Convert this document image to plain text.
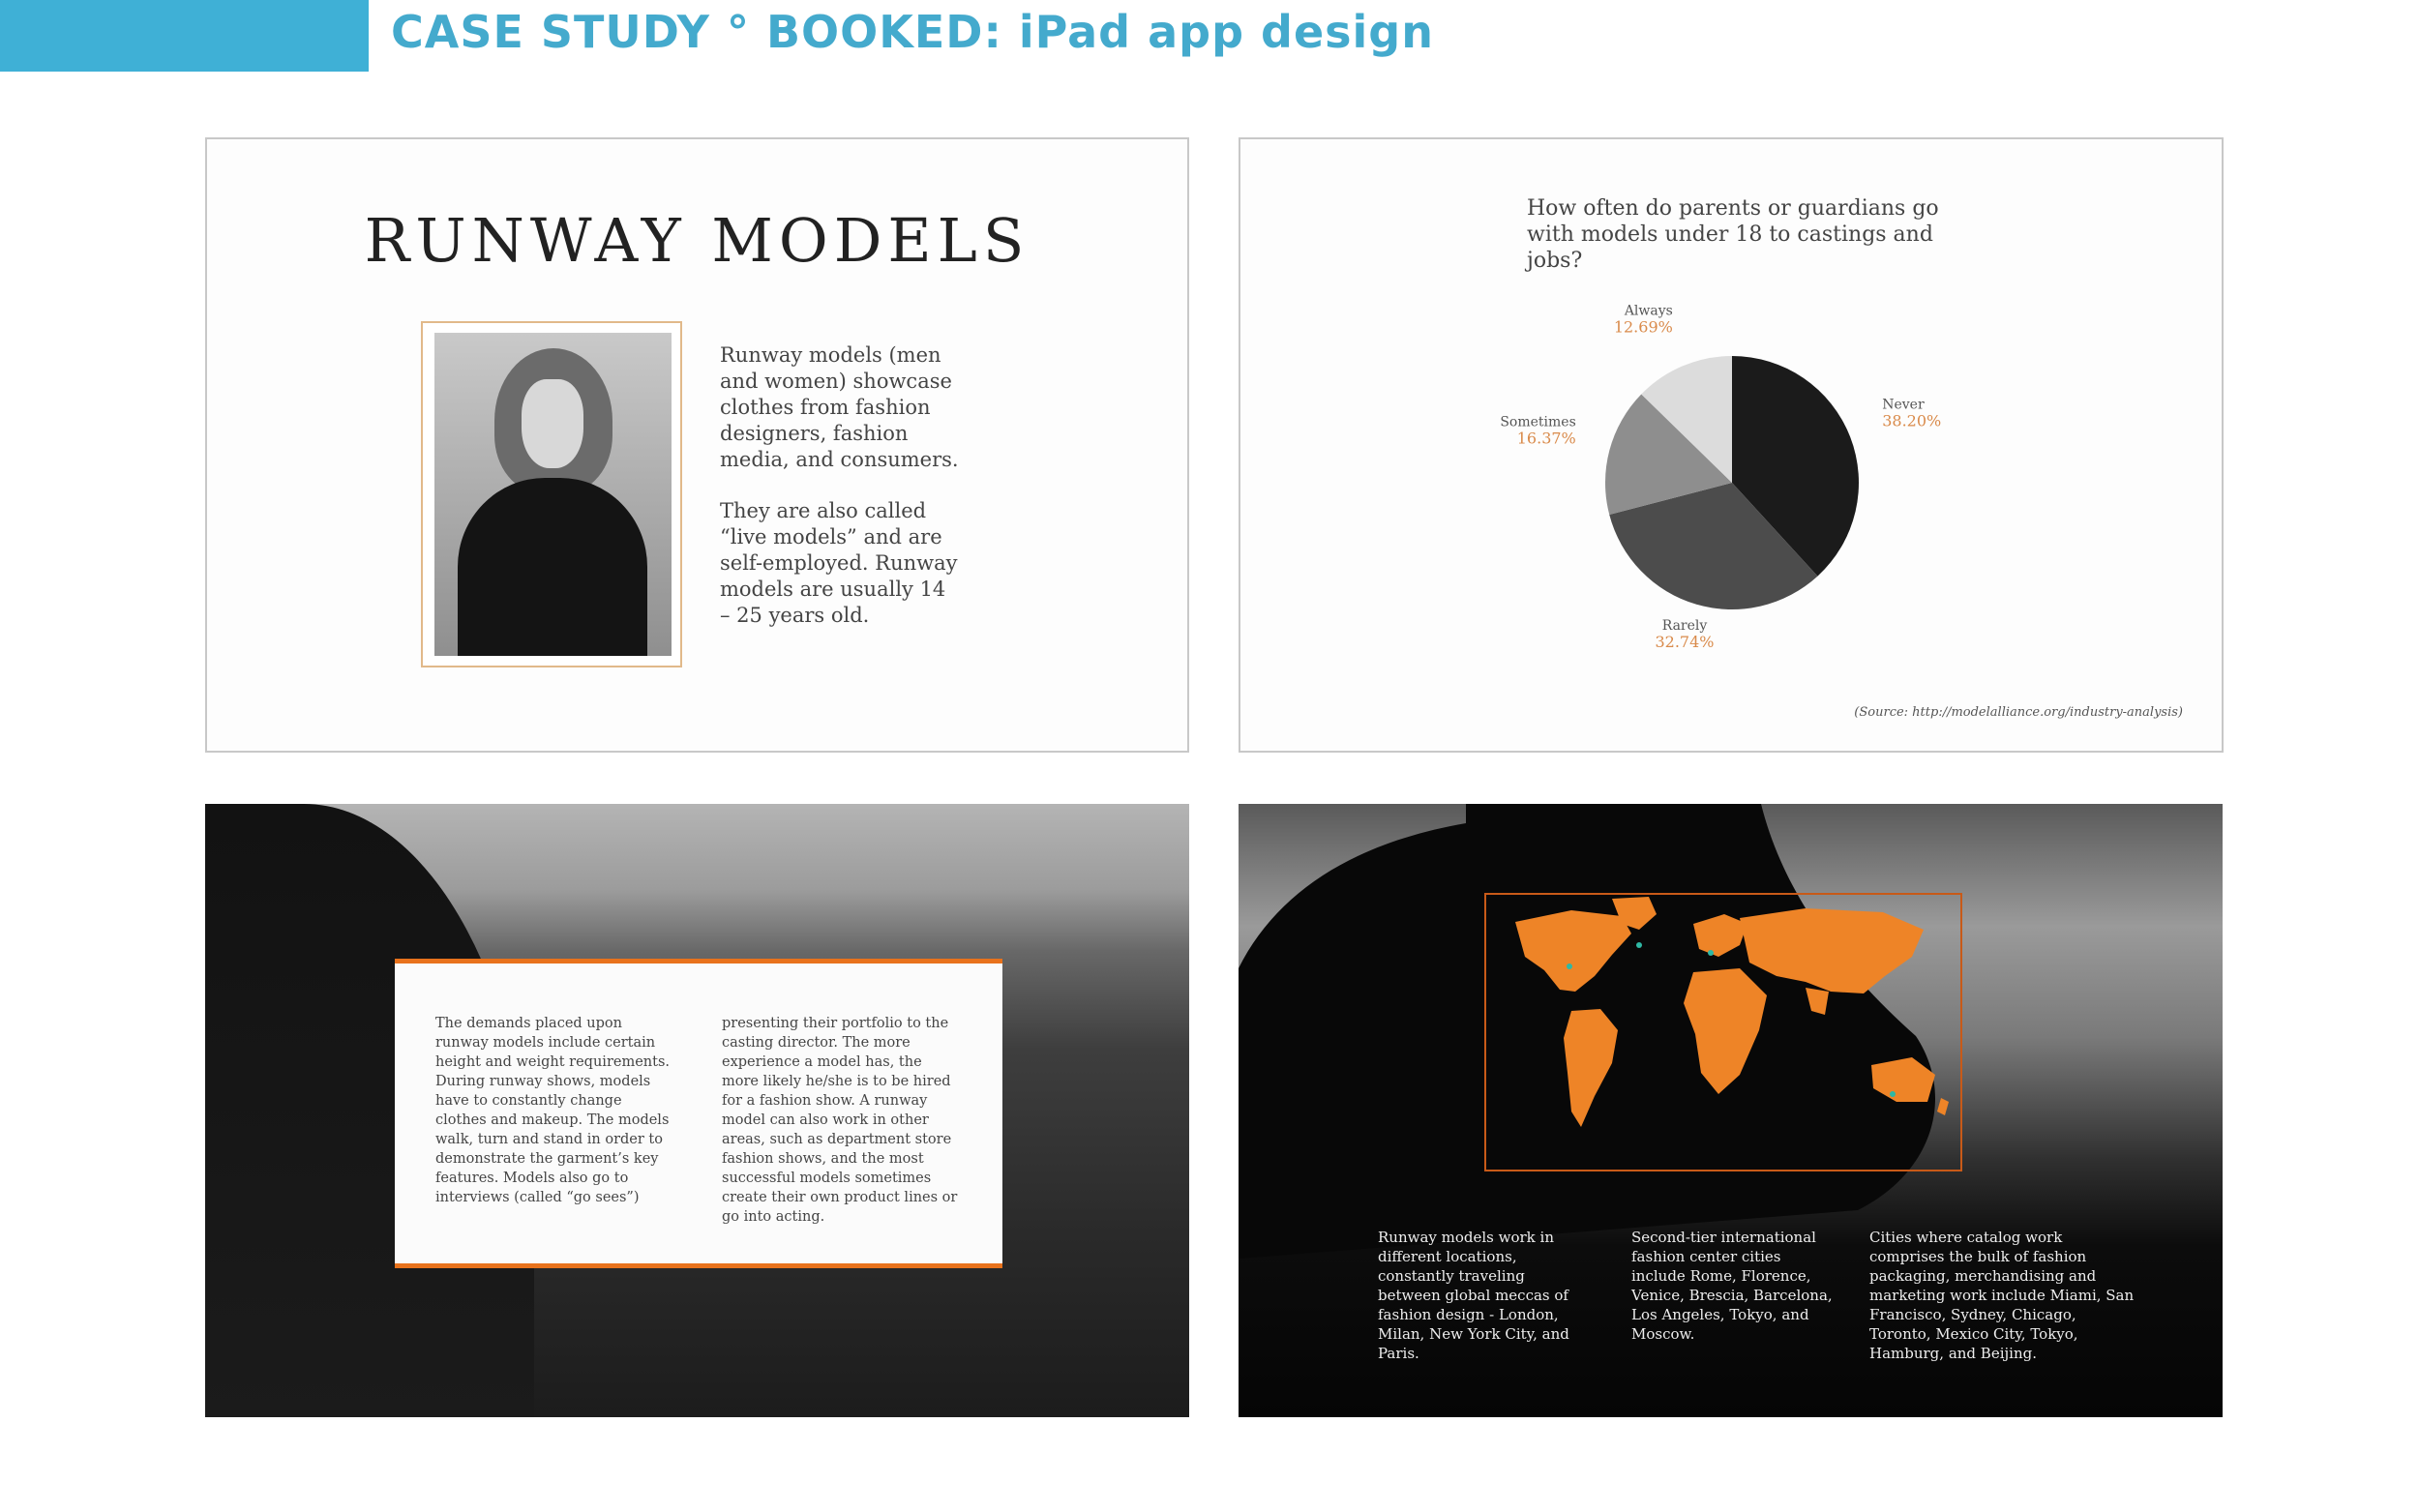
CASE STUDY ° BOOKED: iPad app design
RUNWAY MODELS

Runway models (men and women) showcase clothes from fashion designers, fashion media, and consumers.

They are also called “live models” and are self-employed. Runway models are usually 14 – 25 years old.

How often do parents or guardians go with models under 18 to castings and jobs?
Never
38.20%
Rarely
32.74%
Sometimes
16.37%
Always
12.69%
(Source: http://modelalliance.org/industry-analysis)
The demands placed upon runway models include certain height and weight requirements. During runway shows, models have to constantly change clothes and makeup. The models walk, turn and stand in order to demonstrate the garment’s key features. Models also go to interviews (called “go sees”)
presenting their portfolio to the casting director. The more experience a model has, the more likely he/she is to be hired for a fashion show. A runway model can also work in other areas, such as department store fashion shows, and the most successful models sometimes create their own product lines or go into acting.
Runway models work in different locations, constantly traveling between global meccas of fashion design - London, Milan, New York City, and Paris.
Second-tier international fashion center cities include Rome, Florence, Venice, Brescia, Barcelona, Los Angeles, Tokyo, and Moscow.
Cities where catalog work comprises the bulk of fashion packaging, merchandising and marketing work include Miami, San Francisco, Sydney, Chicago, Toronto, Mexico City, Tokyo, Hamburg, and Beijing.
